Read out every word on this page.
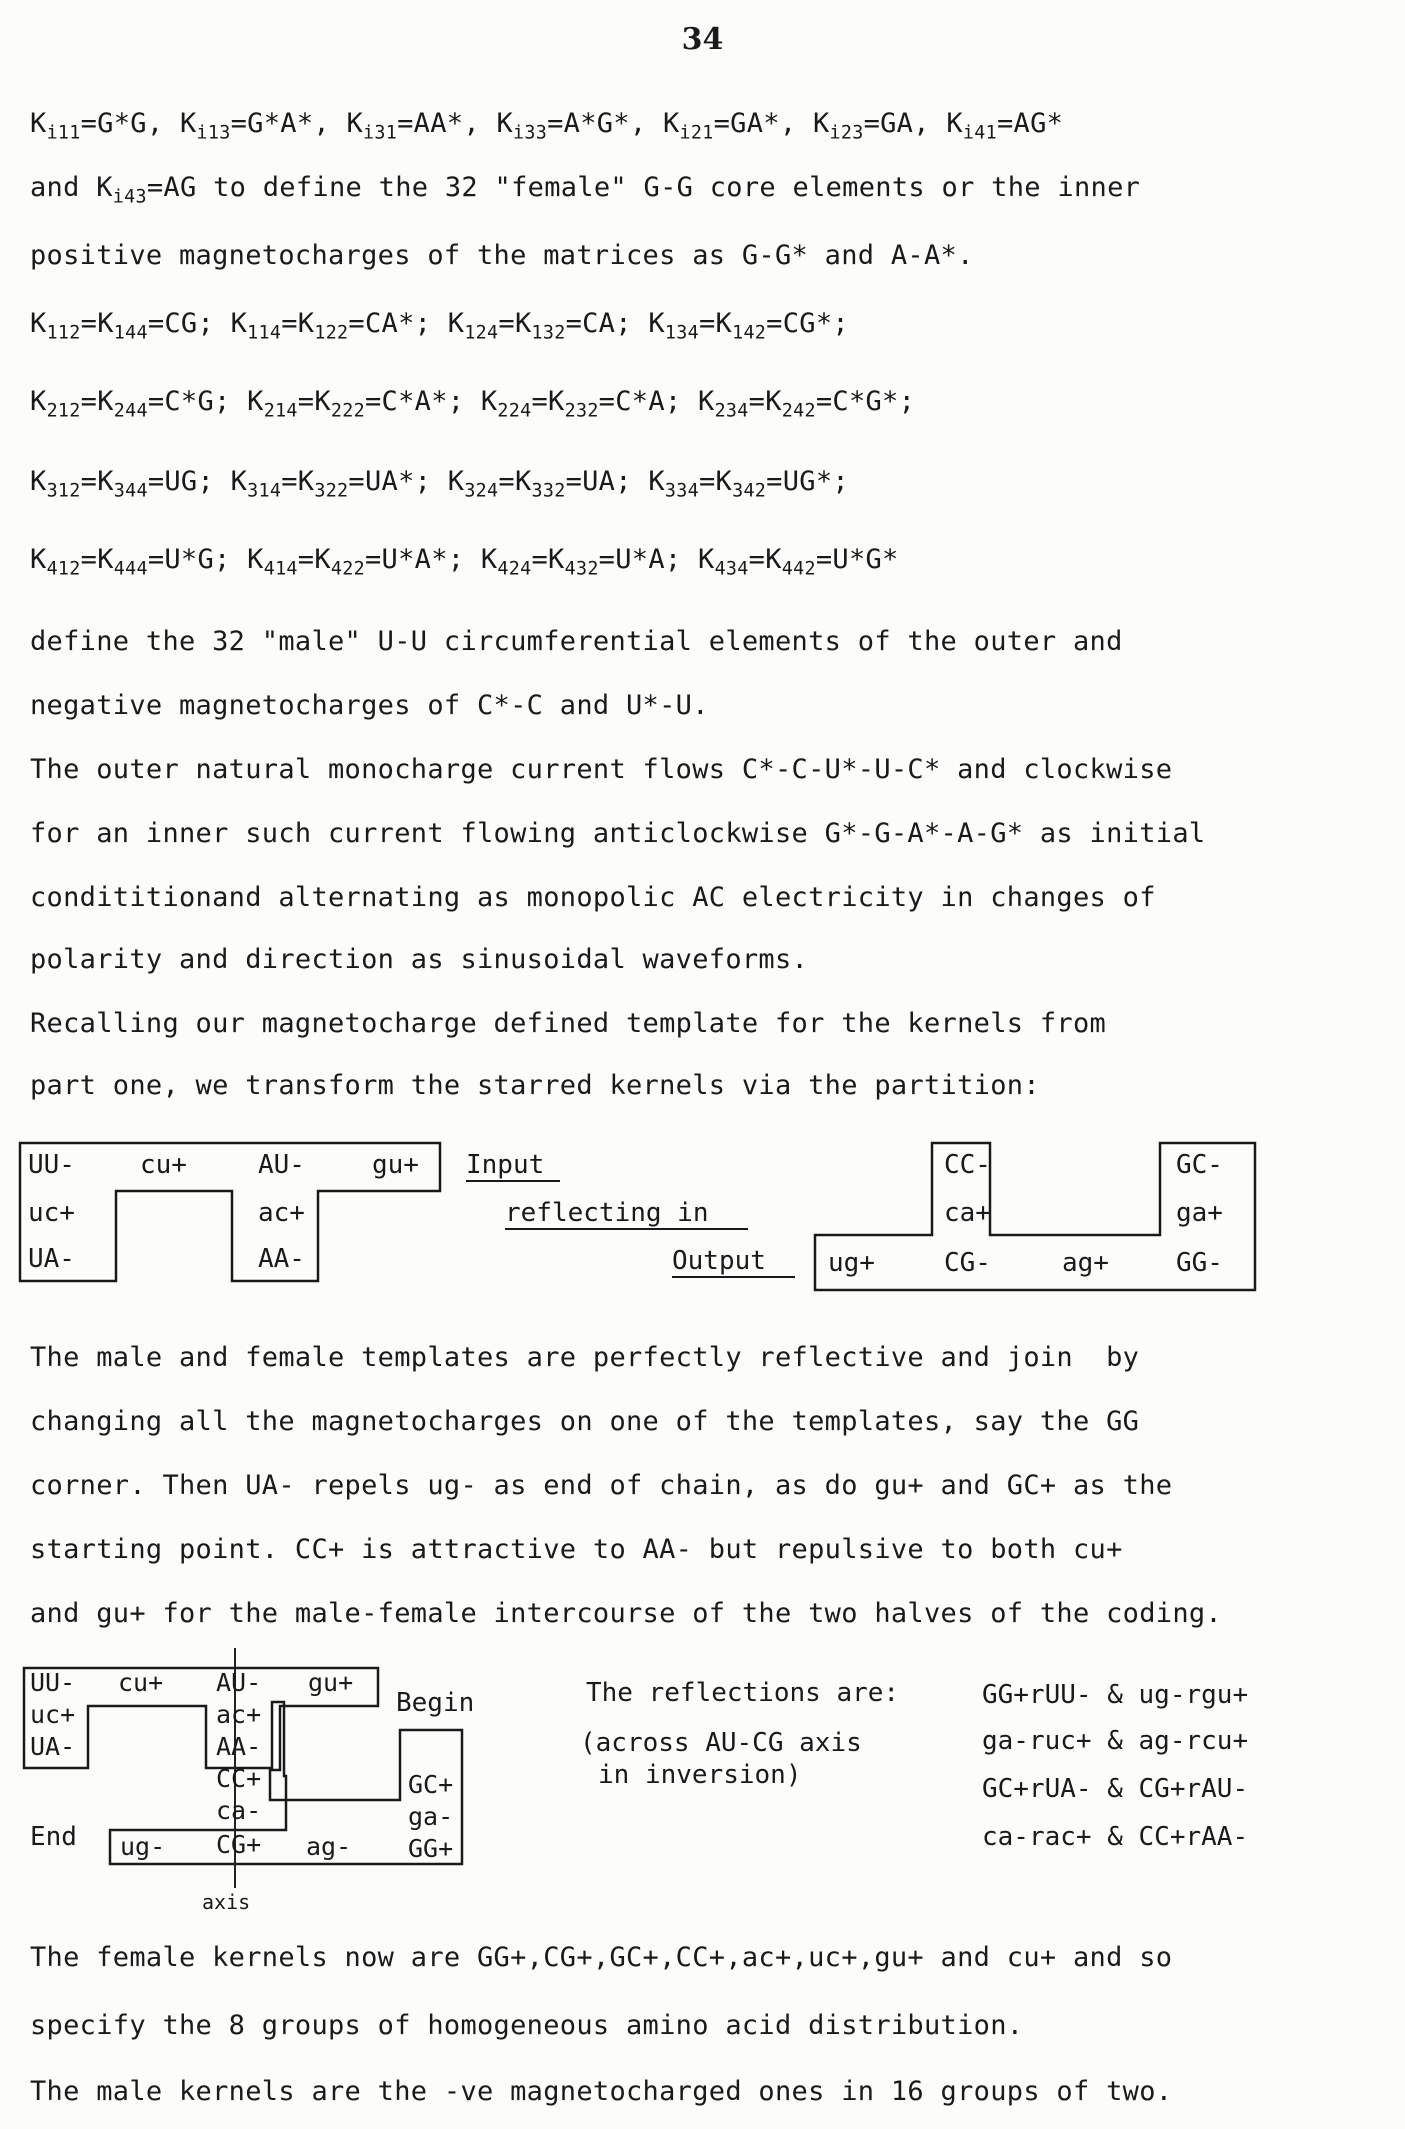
34
$K_{i11}=G*G$, $K_{i13}=G*A*$, $K_{i31}=AA*$, $K_{i33}=A*G*$, $K_{i21}=GA*$, $K_{i23}=GA$, $K_{i41}=AG*$
and $K_{i43}=AG$ to define the 32 "female" G-G core elements or the inner
positive magnetocharges of the matrices as G-G* and A-A*.
$K_{112}=K_{144}=CG$; $K_{114}=K_{122}=CA*$; $K_{124}=K_{132}=CA$; $K_{134}=K_{142}=CG*$;
$K_{212}=K_{244}=C*G$; $K_{214}=K_{222}=C*A*$; $K_{224}=K_{232}=C*A$; $K_{234}=K_{242}=C*G*$;
$K_{312}=K_{344}=UG$; $K_{314}=K_{322}=UA*$; $K_{324}=K_{332}=UA$; $K_{334}=K_{342}=UG*$;
$K_{412}=K_{444}=U*G$; $K_{414}=K_{422}=U*A*$; $K_{424}=K_{432}=U*A$; $K_{434}=K_{442}=U*G*$
define the 32 "male" U-U circumferential elements of the outer and
negative magnetocharges of C*-C and U*-U.
The outer natural monocharge current flows C*-C-U*-U-C* and clockwise
for an inner such current flowing anticlockwise G*-G-A*-A-G* as initial
condititionand alternating as monopolic AC electricity in changes of
polarity and direction as sinusoidal waveforms.
Recalling our magnetocharge defined template for the kernels from
part one, we transform the starred kernels via the partition:
UU-	cu+	AU-	gu+
uc+	ac+
UA-	AA-
Input
reflecting in
Output
CC-	GC-
ca+	ga+
ug+	CG-	ag+	GG-
The male and female templates are perfectly reflective and join  by
changing all the magnetocharges on one of the templates, say the GG
corner. Then UA- repels ug- as end of chain, as do gu+ and GC+ as the
starting point. CC+ is attractive to AA- but repulsive to both cu+
and gu+ for the male-female intercourse of the two halves of the coding.
UU- cu+ AU- gu+
uc+	ac+
UA-	AA-
CC+
ca-
CG+
ug-	ag-
GC+
ga-
GG+
Begin
End
axis
The reflections are:
(across AU-CG axis
in inversion)
GG+rUU- & ug-rgu+
ga-ruc+ & ag-rcu+
GC+rUA- & CG+rAU-
ca-rac+ & CC+rAA-
The female kernels now are GG+,CG+,GC+,CC+,ac+,uc+,gu+ and cu+ and so
specify the 8 groups of homogeneous amino acid distribution.
The male kernels are the -ve magnetocharged ones in 16 groups of two.
